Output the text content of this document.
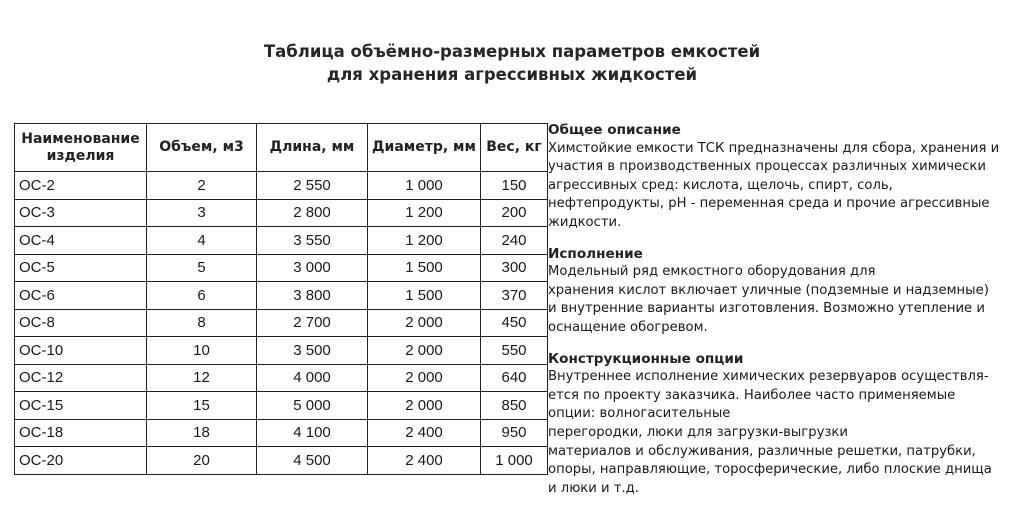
Таблица объёмно-размерных параметров емкостей
для хранения агрессивных жидкостей
Наименование изделия	Объем, м3	Длина, мм	Диаметр, мм	Вес, кг
ОС-2	2	2 550	1 000	150
ОС-3	3	2 800	1 200	200
ОС-4	4	3 550	1 200	240
ОС-5	5	3 000	1 500	300
ОС-6	6	3 800	1 500	370
ОС-8	8	2 700	2 000	450
ОС-10	10	3 500	2 000	550
ОС-12	12	4 000	2 000	640
ОС-15	15	5 000	2 000	850
ОС-18	18	4 100	2 400	950
ОС-20	20	4 500	2 400	1 000
Общее описание
Химстойкие емкости ТСК предназначены для сбора, хранения и
участия в производственных процессах различных химически
агрессивных сред: кислота, щелочь, спирт, соль,
нефтепродукты, pH - переменная среда и прочие агрессивные
жидкости.
Исполнение
Модельный ряд емкостного оборудования для
хранения кислот включает уличные (подземные и надземные)
и внутренние варианты изготовления. Возможно утепление и
оснащение обогревом.
Конструкционные опции
Внутреннее исполнение химических резервуаров осуществля-
ется по проекту заказчика. Наиболее часто применяемые
опции: волногасительные
перегородки, люки для загрузки-выгрузки
материалов и обслуживания, различные решетки, патрубки,
опоры, направляющие, торосферические, либо плоские днища
и люки и т.д.
